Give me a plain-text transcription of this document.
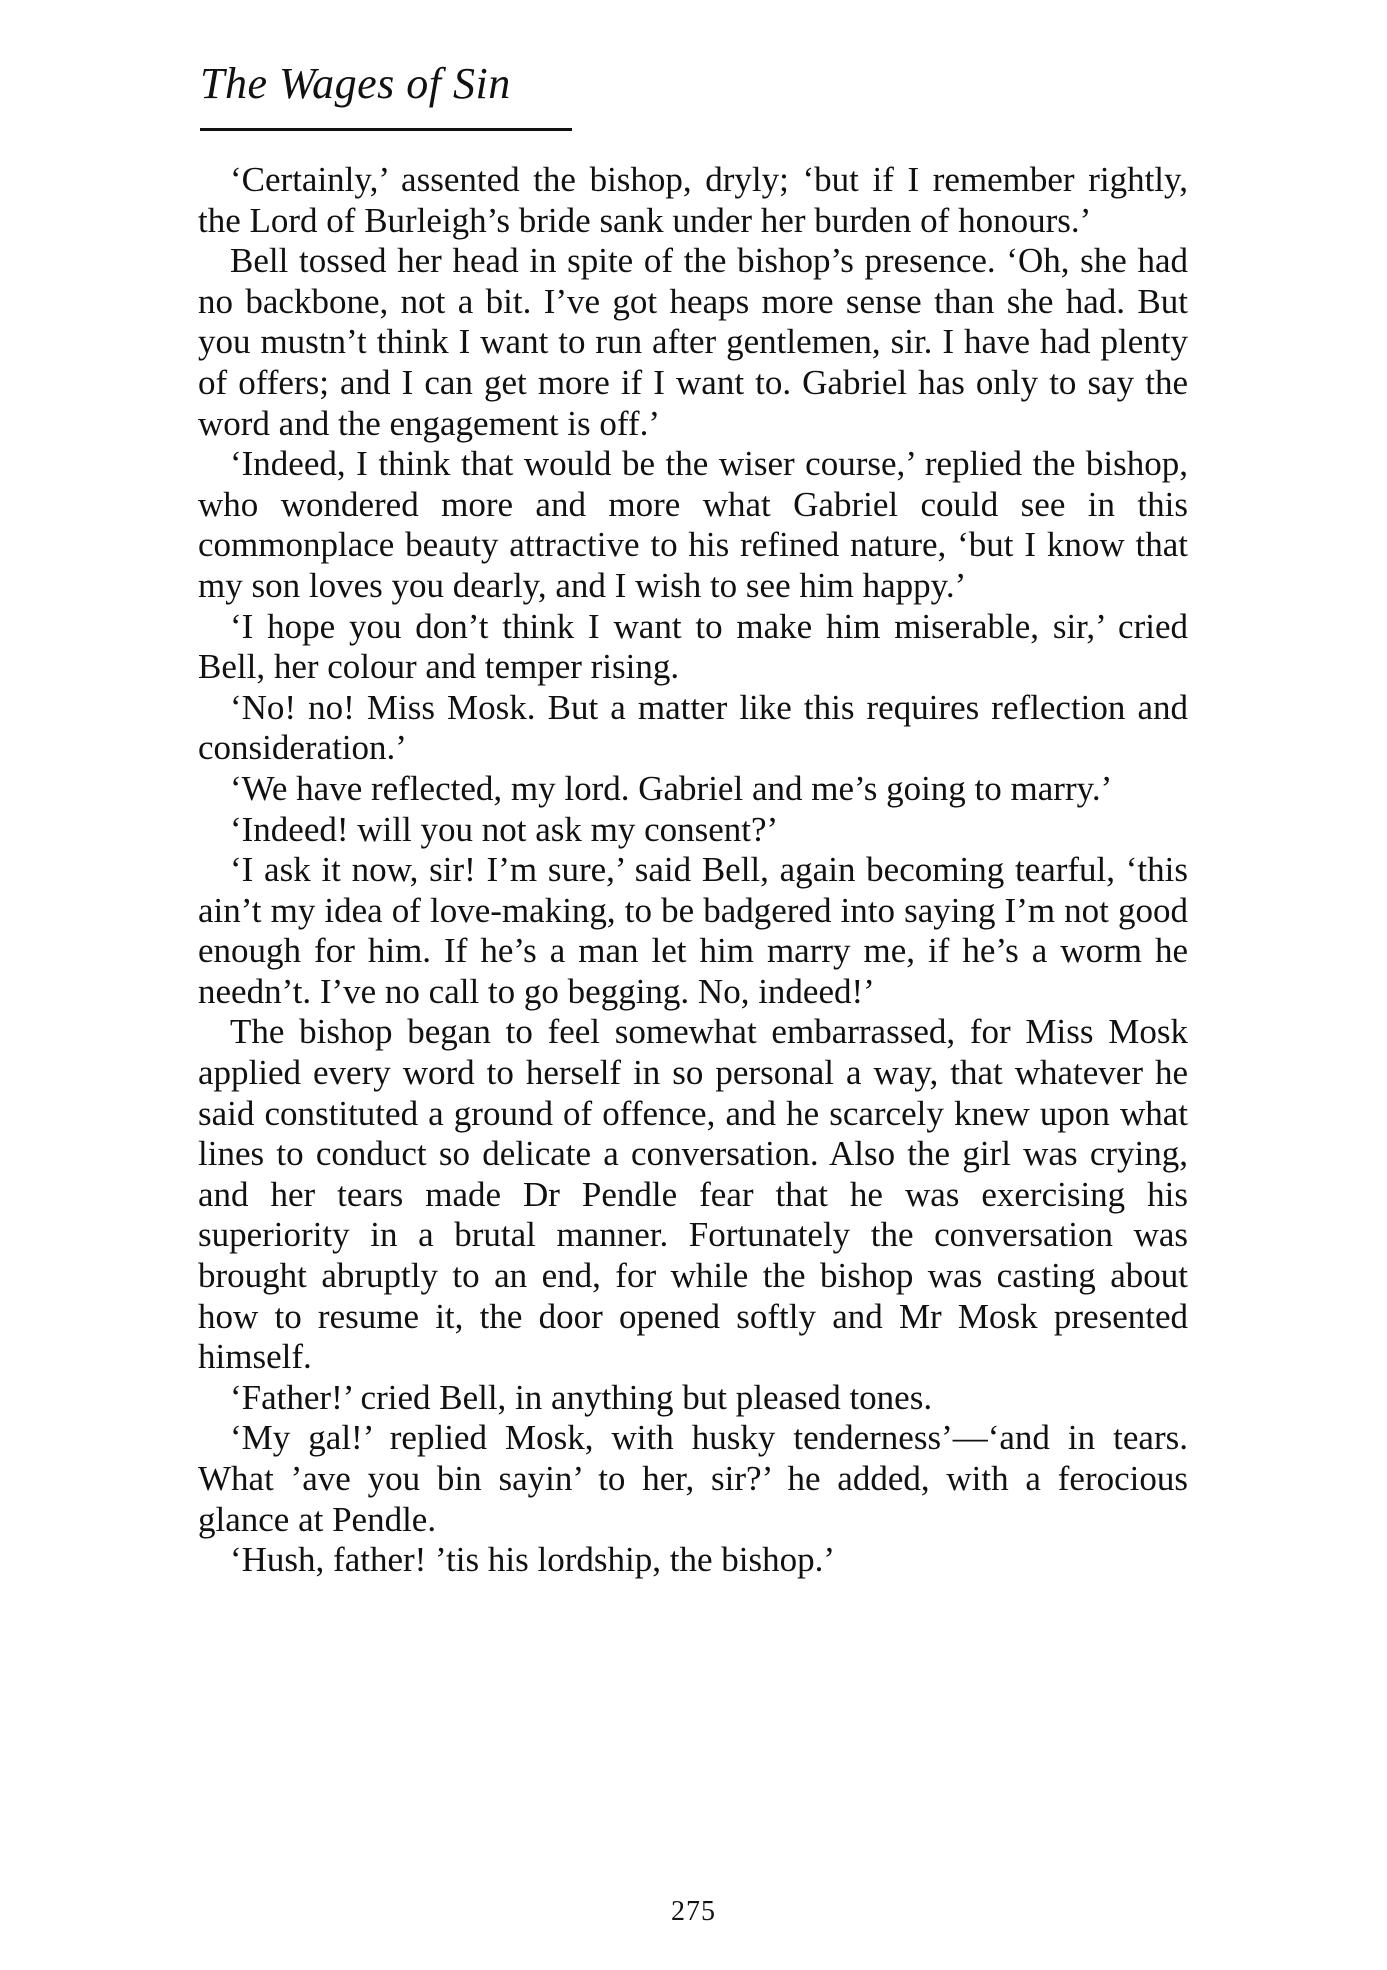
The Wages of Sin

‘Certainly,’ assented the bishop, dryly; ‘but if I remember rightly, the Lord of Burleigh’s bride sank under her burden of honours.’

Bell tossed her head in spite of the bishop’s presence. ‘Oh, she had no backbone, not a bit. I’ve got heaps more sense than she had. But you mustn’t think I want to run after gentlemen, sir. I have had plenty of offers; and I can get more if I want to. Gabriel has only to say the word and the engagement is off.’

‘Indeed, I think that would be the wiser course,’ replied the bishop, who wondered more and more what Gabriel could see in this commonplace beauty attractive to his refined nature, ‘but I know that my son loves you dearly, and I wish to see him happy.’

‘I hope you don’t think I want to make him miserable, sir,’ cried Bell, her colour and temper rising.

‘No! no! Miss Mosk. But a matter like this requires reflection and consideration.’

‘We have reflected, my lord. Gabriel and me’s going to marry.’

‘Indeed! will you not ask my consent?’

‘I ask it now, sir! I’m sure,’ said Bell, again becoming tearful, ‘this ain’t my idea of love-making, to be badgered into saying I’m not good enough for him. If he’s a man let him marry me, if he’s a worm he needn’t. I’ve no call to go begging. No, indeed!’

The bishop began to feel somewhat embarrassed, for Miss Mosk applied every word to herself in so personal a way, that whatever he said constituted a ground of offence, and he scarcely knew upon what lines to conduct so delicate a conversation. Also the girl was crying, and her tears made Dr Pendle fear that he was exercising his superiority in a brutal manner. Fortunately the conversation was brought abruptly to an end, for while the bishop was casting about how to resume it, the door opened softly and Mr Mosk presented himself.

‘Father!’ cried Bell, in anything but pleased tones.

‘My gal!’ replied Mosk, with husky tenderness’—‘and in tears. What ’ave you bin sayin’ to her, sir?’ he added, with a ferocious glance at Pendle.

‘Hush, father! ’tis his lordship, the bishop.’

275
